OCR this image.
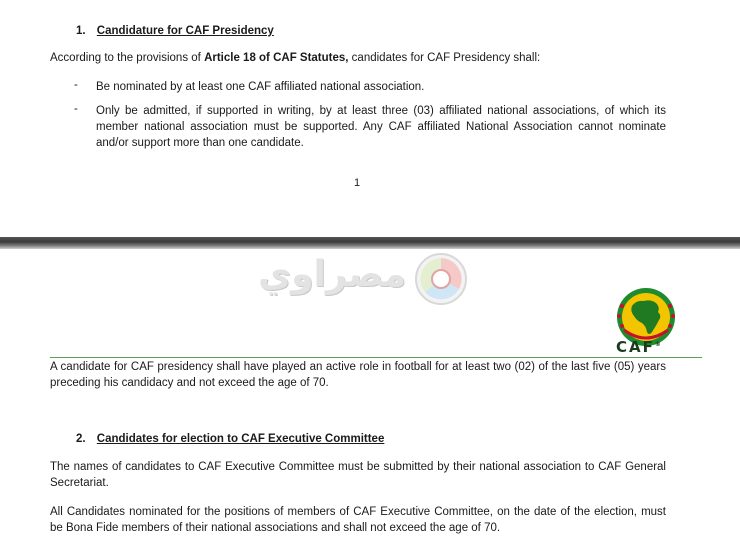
1. Candidature for CAF Presidency
According to the provisions of Article 18 of CAF Statutes, candidates for CAF Presidency shall:
- Be nominated by at least one CAF affiliated national association.

- Only be admitted, if supported in writing, by at least three (03) affiliated national associations, of which its member national association must be supported. Any CAF affiliated National Association cannot nominate and/or support more than one candidate.

1
مصراوي
CAF®

A candidate for CAF presidency shall have played an active role in football for at least two (02) of the last five (05) years preceding his candidacy and not exceed the age of 70.

2. Candidates for election to CAF Executive Committee

The names of candidates to CAF Executive Committee must be submitted by their national association to CAF General Secretariat.

All Candidates nominated for the positions of members of CAF Executive Committee, on the date of the election, must be Bona Fide members of their national associations and shall not exceed the age of 70.
